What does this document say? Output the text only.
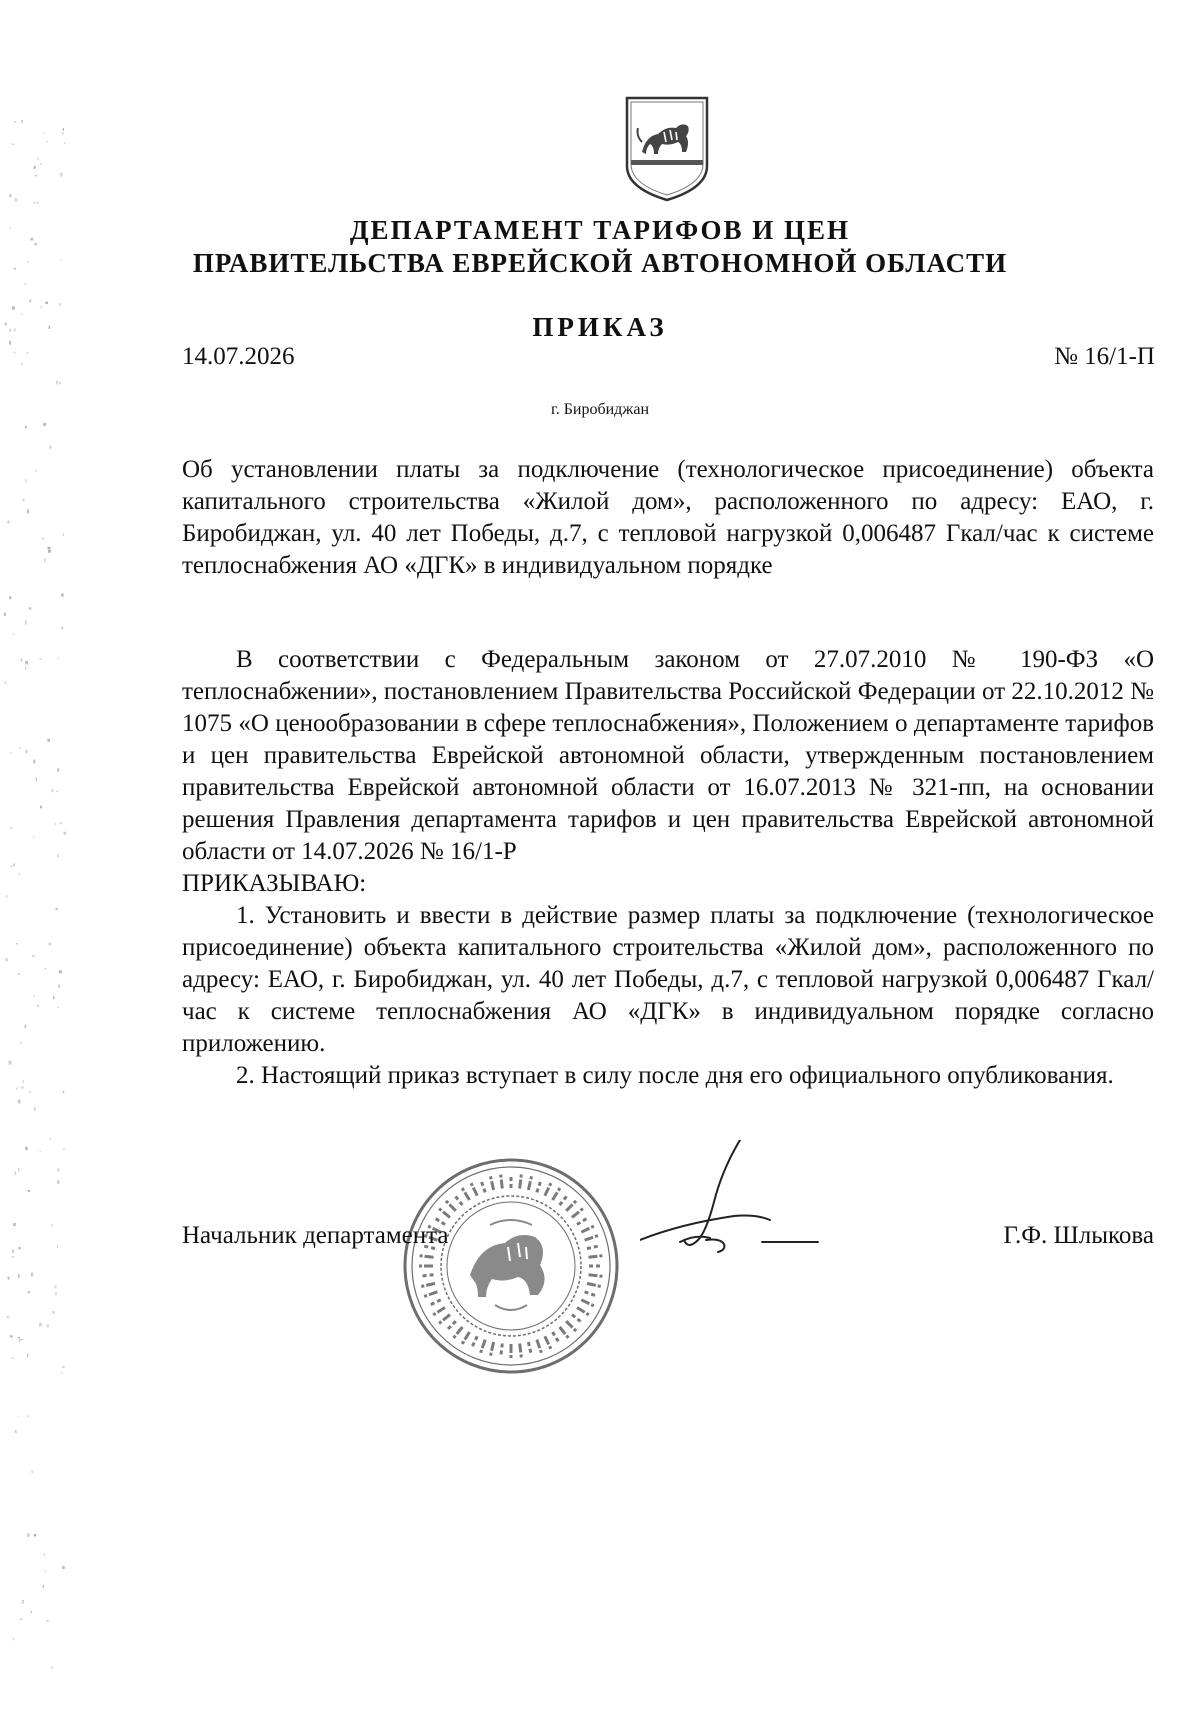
ДЕПАРТАМЕНТ ТАРИФОВ И ЦЕН
ПРАВИТЕЛЬСТВА ЕВРЕЙСКОЙ АВТОНОМНОЙ ОБЛАСТИ
ПРИКАЗ
14.07.2026	№ 16/1-П
г. Биробиджан
Об установлении платы за подключение (технологическое присоединение) объекта капитального строительства «Жилой дом», расположенного по адресу: ЕАО, г. Биробиджан, ул. 40 лет Победы, д.7, с тепловой нагрузкой 0,006487 Гкал/час к системе теплоснабжения АО «ДГК» в индивидуальном порядке

В соответствии с Федеральным законом от 27.07.2010 № 190-ФЗ «О теплоснабжении», постановлением Правительства Российской Федерации от 22.10.2012 № 1075 «О ценообразовании в сфере теплоснабжения», Положением о департаменте тарифов и цен правительства Еврейской автономной области, утвержденным постановлением правительства Еврейской автономной области от 16.07.2013 № 321-пп, на основании решения Правления департамента тарифов и цен правительства Еврейской автономной области от 14.07.2026 № 16/1-Р

ПРИКАЗЫВАЮ:

1. Установить и ввести в действие размер платы за подключение (технологическое присоединение) объекта капитального строительства «Жилой дом», расположенного по адресу: ЕАО, г. Биробиджан, ул. 40 лет Победы, д.7, с тепловой нагрузкой 0,006487 Гкал/час к системе теплоснабжения АО «ДГК» в индивидуальном порядке согласно приложению.

2. Настоящий приказ вступает в силу после дня его официального опубликования.

Начальник департамента	Г.Ф. Шлыкова
